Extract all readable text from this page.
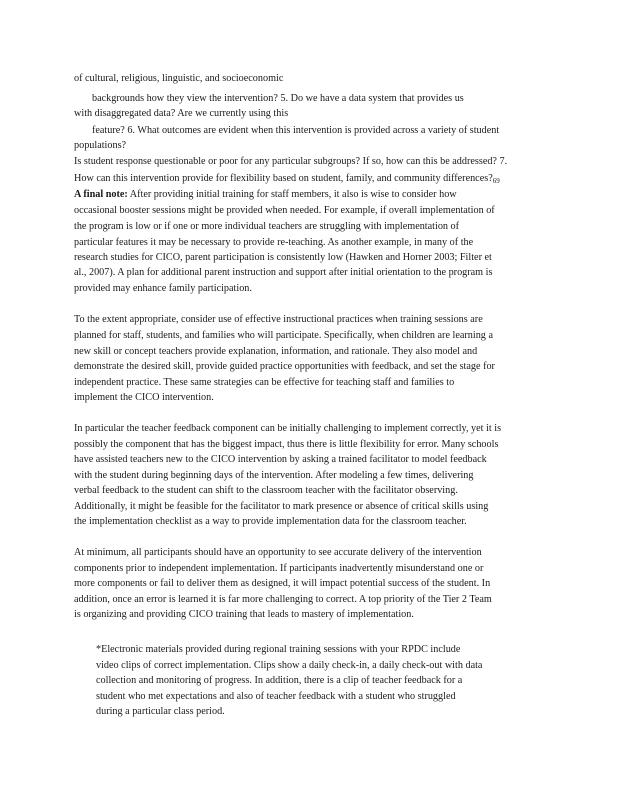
of cultural, religious, linguistic, and socioeconomic
backgrounds how they view the intervention? 5. Do we have a data system that provides us
with disaggregated data? Are we currently using this
feature? 6. What outcomes are evident when this intervention is provided across a variety of student
populations?
Is student response questionable or poor for any particular subgroups? If so, how can this be addressed? 7.
How can this intervention provide for flexibility based on student, family, and community $differences?_{69}$
A final note: After providing initial training for staff members, it also is wise to consider how
occasional booster sessions might be provided when needed. For example, if overall implementation of
the program is low or if one or more individual teachers are struggling with implementation of
particular features it may be necessary to provide re-teaching. As another example, in many of the
research studies for CICO, parent participation is consistently low (Hawken and Horner 2003; Filter et
al., 2007). A plan for additional parent instruction and support after initial orientation to the program is
provided may enhance family participation.
To the extent appropriate, consider use of effective instructional practices when training sessions are
planned for staff, students, and families who will participate. Specifically, when children are learning a
new skill or concept teachers provide explanation, information, and rationale. They also model and
demonstrate the desired skill, provide guided practice opportunities with feedback, and set the stage for
independent practice. These same strategies can be effective for teaching staff and families to
implement the CICO intervention.
In particular the teacher feedback component can be initially challenging to implement correctly, yet it is
possibly the component that has the biggest impact, thus there is little flexibility for error. Many schools
have assisted teachers new to the CICO intervention by asking a trained facilitator to model feedback
with the student during beginning days of the intervention. After modeling a few times, delivering
verbal feedback to the student can shift to the classroom teacher with the facilitator observing.
Additionally, it might be feasible for the facilitator to mark presence or absence of critical skills using
the implementation checklist as a way to provide implementation data for the classroom teacher.
At minimum, all participants should have an opportunity to see accurate delivery of the intervention
components prior to independent implementation. If participants inadvertently misunderstand one or
more components or fail to deliver them as designed, it will impact potential success of the student. In
addition, once an error is learned it is far more challenging to correct. A top priority of the Tier 2 Team
is organizing and providing CICO training that leads to mastery of implementation.
*Electronic materials provided during regional training sessions with your RPDC include
video clips of correct implementation. Clips show a daily check-in, a daily check-out with data
collection and monitoring of progress. In addition, there is a clip of teacher feedback for a
student who met expectations and also of teacher feedback with a student who struggled
during a particular class period.
